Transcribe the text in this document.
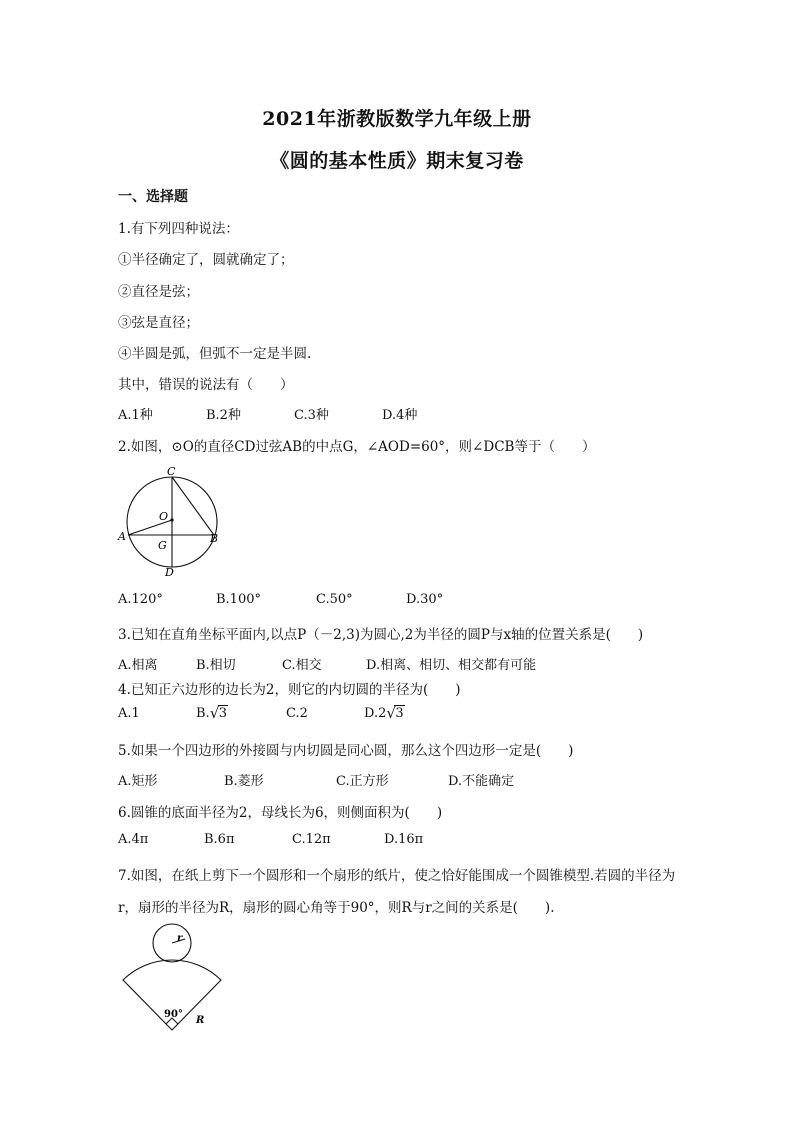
2021年浙教版数学九年级上册
《圆的基本性质》期末复习卷
一、选择题
1.有下列四种说法：
①半径确定了，圆就确定了；
②直径是弦；
③弦是直径；
④半圆是弧，但弧不一定是半圆.
其中，错误的说法有（　　）
A.1种	B.2种	C.3种	D.4种
2.如图，⊙O的直径CD过弦AB的中点G，∠AOD=60°，则∠DCB等于（　　）
C
O
A
G
B
D
A.120°	B.100°	C.50°	D.30°
3.已知在直角坐标平面内,以点P（－2,3)为圆心,2为半径的圆P与x轴的位置关系是(　　)
A.相离	B.相切	C.相交	D.相离、相切、相交都有可能
4.已知正六边形的边长为2，则它的内切圆的半径为(　　)
A.1	B. √ 3	C.2	D.2 √ 3
5.如果一个四边形的外接圆与内切圆是同心圆，那么这个四边形一定是(　　)
A.矩形	B.菱形	C.正方形	D.不能确定
6.圆锥的底面半径为2，母线长为6，则侧面积为(　　)
A.4π	B.6π	C.12π	D.16π
7.如图，在纸上剪下一个圆形和一个扇形的纸片，使之恰好能围成一个圆锥模型.若圆的半径为
r，扇形的半径为R，扇形的圆心角等于90°，则R与r之间的关系是(　　).
r
90°
R
